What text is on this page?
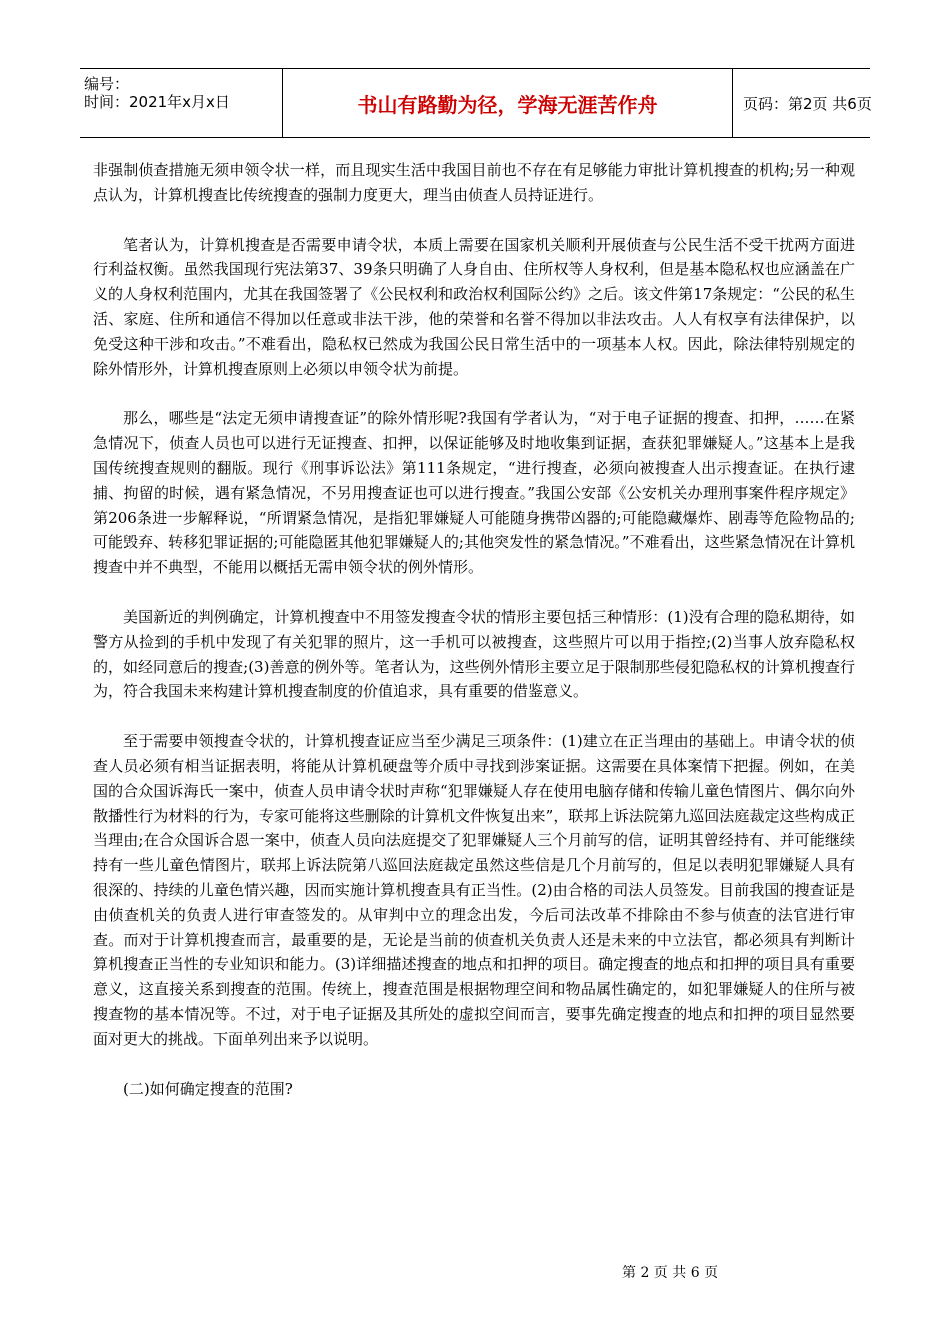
编号：
时间：2021年x月x日	书山有路勤为径，学海无涯苦作舟	页码：第2页 共6页

非强制侦查措施无须申领令状一样，而且现实生活中我国目前也不存在有足够能力审批计算机搜查的机构;另一种观点认为，计算机搜查比传统搜查的强制力度更大，理当由侦查人员持证进行。

笔者认为，计算机搜查是否需要申请令状，本质上需要在国家机关顺利开展侦查与公民生活不受干扰两方面进行利益权衡。虽然我国现行宪法第37、39条只明确了人身自由、住所权等人身权利，但是基本隐私权也应涵盖在广义的人身权利范围内，尤其在我国签署了《公民权利和政治权利国际公约》之后。该文件第17条规定：“公民的私生活、家庭、住所和通信不得加以任意或非法干涉，他的荣誉和名誉不得加以非法攻击。人人有权享有法律保护，以免受这种干涉和攻击。”不难看出，隐私权已然成为我国公民日常生活中的一项基本人权。因此，除法律特别规定的除外情形外，计算机搜查原则上必须以申领令状为前提。

那么，哪些是“法定无须申请搜查证”的除外情形呢?我国有学者认为，“对于电子证据的搜查、扣押，……在紧急情况下，侦查人员也可以进行无证搜查、扣押，以保证能够及时地收集到证据，查获犯罪嫌疑人。”这基本上是我国传统搜查规则的翻版。现行《刑事诉讼法》第111条规定，“进行搜查，必须向被搜查人出示搜查证。在执行逮捕、拘留的时候，遇有紧急情况，不另用搜查证也可以进行搜查。”我国公安部《公安机关办理刑事案件程序规定》第206条进一步解释说，“所谓紧急情况，是指犯罪嫌疑人可能随身携带凶器的;可能隐藏爆炸、剧毒等危险物品的;可能毁弃、转移犯罪证据的;可能隐匿其他犯罪嫌疑人的;其他突发性的紧急情况。”不难看出，这些紧急情况在计算机搜查中并不典型，不能用以概括无需申领令状的例外情形。

美国新近的判例确定，计算机搜查中不用签发搜查令状的情形主要包括三种情形：(1)没有合理的隐私期待，如警方从捡到的手机中发现了有关犯罪的照片，这一手机可以被搜查，这些照片可以用于指控;(2)当事人放弃隐私权的，如经同意后的搜查;(3)善意的例外等。笔者认为，这些例外情形主要立足于限制那些侵犯隐私权的计算机搜查行为，符合我国未来构建计算机搜查制度的价值追求，具有重要的借鉴意义。

至于需要申领搜查令状的，计算机搜查证应当至少满足三项条件：(1)建立在正当理由的基础上。申请令状的侦查人员必须有相当证据表明，将能从计算机硬盘等介质中寻找到涉案证据。这需要在具体案情下把握。例如，在美国的合众国诉海氏一案中，侦查人员申请令状时声称“犯罪嫌疑人存在使用电脑存储和传输儿童色情图片、偶尔向外散播性行为材料的行为，专家可能将这些删除的计算机文件恢复出来”，联邦上诉法院第九巡回法庭裁定这些构成正当理由;在合众国诉合恩一案中，侦查人员向法庭提交了犯罪嫌疑人三个月前写的信，证明其曾经持有、并可能继续持有一些儿童色情图片，联邦上诉法院第八巡回法庭裁定虽然这些信是几个月前写的，但足以表明犯罪嫌疑人具有很深的、持续的儿童色情兴趣，因而实施计算机搜查具有正当性。(2)由合格的司法人员签发。目前我国的搜查证是由侦查机关的负责人进行审查签发的。从审判中立的理念出发，今后司法改革不排除由不参与侦查的法官进行审查。而对于计算机搜查而言，最重要的是，无论是当前的侦查机关负责人还是未来的中立法官，都必须具有判断计算机搜查正当性的专业知识和能力。(3)详细描述搜查的地点和扣押的项目。确定搜查的地点和扣押的项目具有重要意义，这直接关系到搜查的范围。传统上，搜查范围是根据物理空间和物品属性确定的，如犯罪嫌疑人的住所与被搜查物的基本情况等。不过，对于电子证据及其所处的虚拟空间而言，要事先确定搜查的地点和扣押的项目显然要面对更大的挑战。下面单列出来予以说明。

(二)如何确定搜查的范围?

第 2 页 共 6 页
